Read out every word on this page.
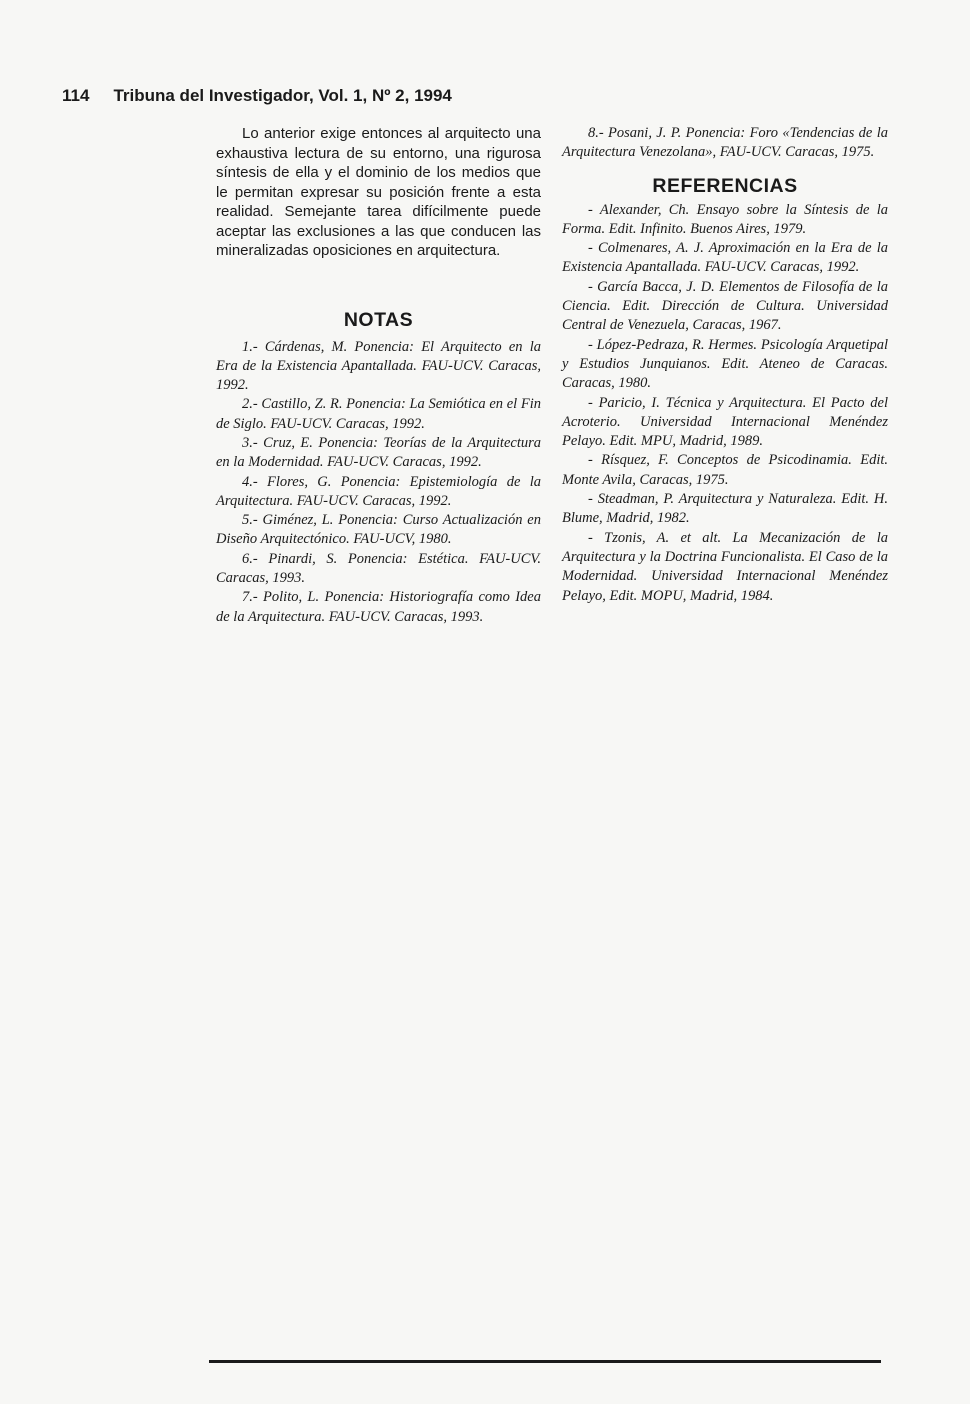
114 Tribuna del Investigador, Vol. 1, Nº 2, 1994

Lo anterior exige entonces al arquitecto una exhaustiva lectura de su entorno, una rigurosa síntesis de ella y el dominio de los medios que le permitan expresar su posición frente a esta realidad. Semejante tarea difícilmente puede aceptar las exclusiones a las que conducen las mineralizadas oposiciones en arquitectura.

NOTAS

1.- Cárdenas, M. Ponencia: El Arquitecto en la Era de la Existencia Apantallada. FAU-UCV. Caracas, 1992.

2.- Castillo, Z. R. Ponencia: La Semiótica en el Fin de Siglo. FAU-UCV. Caracas, 1992.

3.- Cruz, E. Ponencia: Teorías de la Arquitectura en la Modernidad. FAU-UCV. Caracas, 1992.

4.- Flores, G. Ponencia: Epistemiología de la Arquitectura. FAU-UCV. Caracas, 1992.

5.- Giménez, L. Ponencia: Curso Actualización en Diseño Arquitectónico. FAU-UCV, 1980.

6.- Pinardi, S. Ponencia: Estética. FAU-UCV. Caracas, 1993.

7.- Polito, L. Ponencia: Historiografía como Idea de la Arquitectura. FAU-UCV. Caracas, 1993.

8.- Posani, J. P. Ponencia: Foro «Tendencias de la Arquitectura Venezolana», FAU-UCV. Caracas, 1975.

REFERENCIAS

- Alexander, Ch. Ensayo sobre la Síntesis de la Forma. Edit. Infinito. Buenos Aires, 1979.

- Colmenares, A. J. Aproximación en la Era de la Existencia Apantallada. FAU-UCV. Caracas, 1992.

- García Bacca, J. D. Elementos de Filosofía de la Ciencia. Edit. Dirección de Cultura. Universidad Central de Venezuela, Caracas, 1967.

- López-Pedraza, R. Hermes. Psicología Arquetipal y Estudios Junquianos. Edit. Ateneo de Caracas. Caracas, 1980.

- Paricio, I. Técnica y Arquitectura. El Pacto del Acroterio. Universidad Internacional Menéndez Pelayo. Edit. MPU, Madrid, 1989.

- Rísquez, F. Conceptos de Psicodinamia. Edit. Monte Avila, Caracas, 1975.

- Steadman, P. Arquitectura y Naturaleza. Edit. H. Blume, Madrid, 1982.

- Tzonis, A. et alt. La Mecanización de la Arquitectura y la Doctrina Funcionalista. El Caso de la Modernidad. Universidad Internacional Menéndez Pelayo, Edit. MOPU, Madrid, 1984.
